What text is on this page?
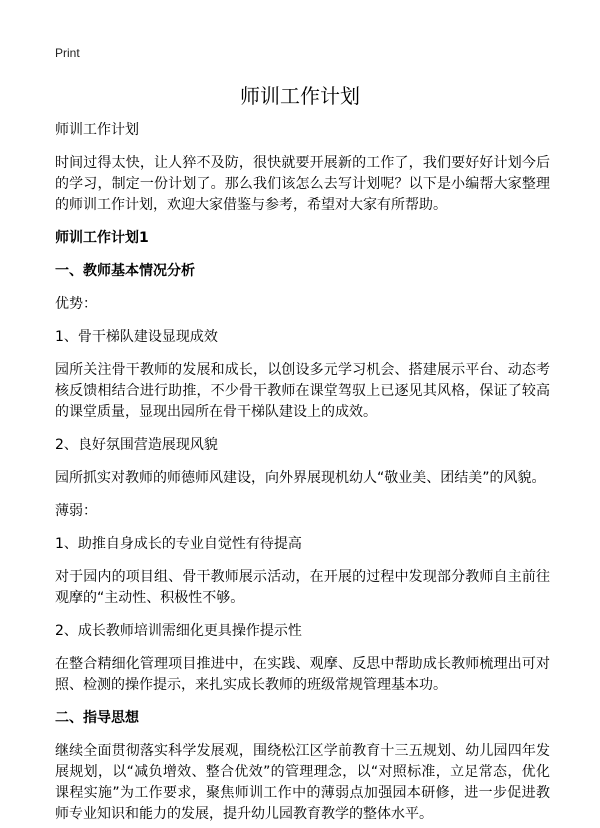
Print
师训工作计划

师训工作计划

时间过得太快，让人猝不及防，很快就要开展新的工作了，我们要好好计划今后的学习，制定一份计划了。那么我们该怎么去写计划呢？以下是小编帮大家整理的师训工作计划，欢迎大家借鉴与参考，希望对大家有所帮助。

师训工作计划1
一、教师基本情况分析

优势：

1、骨干梯队建设显现成效

园所关注骨干教师的发展和成长，以创设多元学习机会、搭建展示平台、动态考核反馈相结合进行助推，不少骨干教师在课堂驾驭上已逐见其风格，保证了较高的课堂质量，显现出园所在骨干梯队建设上的成效。

2、良好氛围营造展现风貌

园所抓实对教师的师德师风建设，向外界展现机幼人“敬业美、团结美”的风貌。

薄弱：

1、助推自身成长的专业自觉性有待提高

对于园内的项目组、骨干教师展示活动，在开展的过程中发现部分教师自主前往观摩的“主动性、积极性不够。

2、成长教师培训需细化更具操作提示性

在整合精细化管理项目推进中，在实践、观摩、反思中帮助成长教师梳理出可对照、检测的操作提示，来扎实成长教师的班级常规管理基本功。

二、指导思想

继续全面贯彻落实科学发展观，围绕松江区学前教育十三五规划、幼儿园四年发展规划，以“减负增效、整合优效”的管理理念，以“对照标准，立足常态，优化课程实施”为工作要求，聚焦师训工作中的薄弱点加强园本研修，进一步促进教师专业知识和能力的发展，提升幼儿园教育教学的整体水平。
